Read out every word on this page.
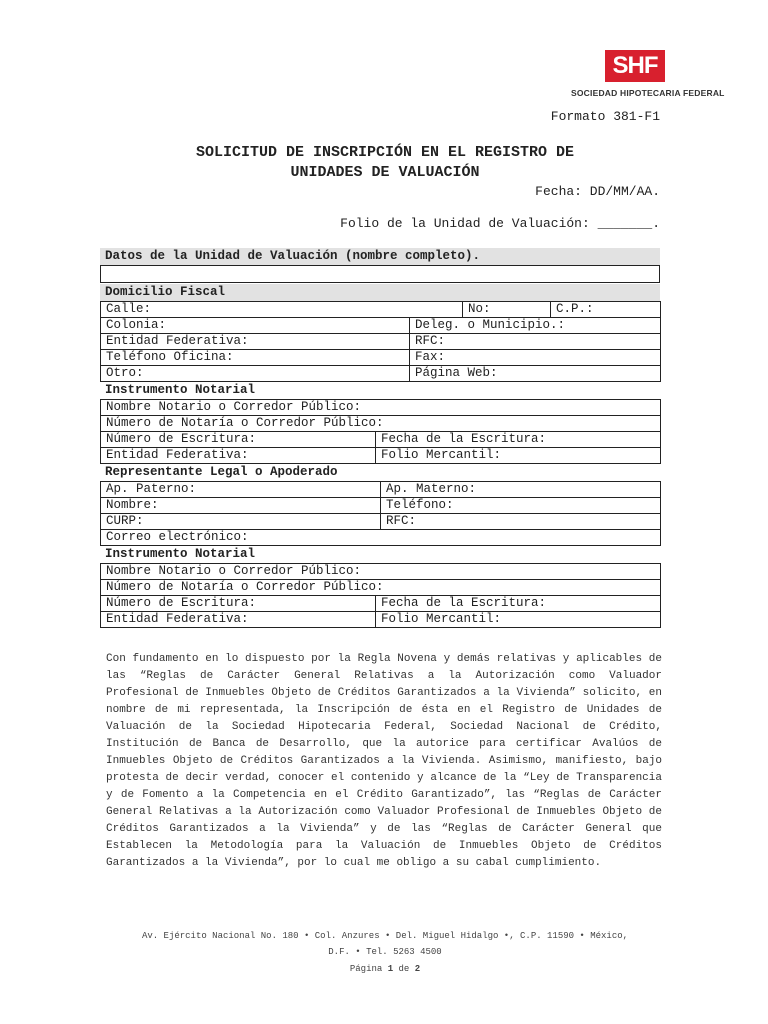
SHF
SOCIEDAD HIPOTECARIA FEDERAL
Formato 381-F1
SOLICITUD DE INSCRIPCIÓN EN EL REGISTRO DE
UNIDADES DE VALUACIÓN
Fecha: DD/MM/AA.
Folio de la Unidad de Valuación: _______.
Datos de la Unidad de Valuación (nombre completo).
Domicilio Fiscal
Calle:	No:	C.P.:
Colonia:	Deleg. o Municipio.:
Entidad Federativa:	RFC:
Teléfono Oficina:	Fax:
Otro:	Página Web:
Instrumento Notarial
Nombre Notario o Corredor Público:	
Número de Notaría o Corredor Público:	
Número de Escritura:	Fecha de la Escritura:
Entidad Federativa:	Folio Mercantil:
Representante Legal o Apoderado
Ap. Paterno:	Ap. Materno:
Nombre:	Teléfono:
CURP:	RFC:
Correo electrónico:	
Instrumento Notarial
Nombre Notario o Corredor Público:	
Número de Notaría o Corredor Público:	
Número de Escritura:	Fecha de la Escritura:
Entidad Federativa:	Folio Mercantil:
Con fundamento en lo dispuesto por la Regla Novena y demás relativas y aplicables de las “Reglas de Carácter General Relativas a la Autorización como Valuador Profesional de Inmuebles Objeto de Créditos Garantizados a la Vivienda” solicito, en nombre de mi representada, la Inscripción de ésta en el Registro de Unidades de Valuación de la Sociedad Hipotecaria Federal, Sociedad Nacional de Crédito, Institución de Banca de Desarrollo, que la autorice para certificar Avalúos de Inmuebles Objeto de Créditos Garantizados a la Vivienda. Asimismo, manifiesto, bajo protesta de decir verdad, conocer el contenido y alcance de la “Ley de Transparencia y de Fomento a la Competencia en el Crédito Garantizado”, las “Reglas de Carácter General Relativas a la Autorización como Valuador Profesional de Inmuebles Objeto de Créditos Garantizados a la Vivienda” y de las “Reglas de Carácter General que Establecen la Metodología para la Valuación de Inmuebles Objeto de Créditos Garantizados a la Vivienda”, por lo cual me obligo a su cabal cumplimiento.
Av. Ejército Nacional No. 180 • Col. Anzures • Del. Miguel Hidalgo •, C.P. 11590 • México,
D.F. • Tel. 5263 4500
Página 1 de 2
